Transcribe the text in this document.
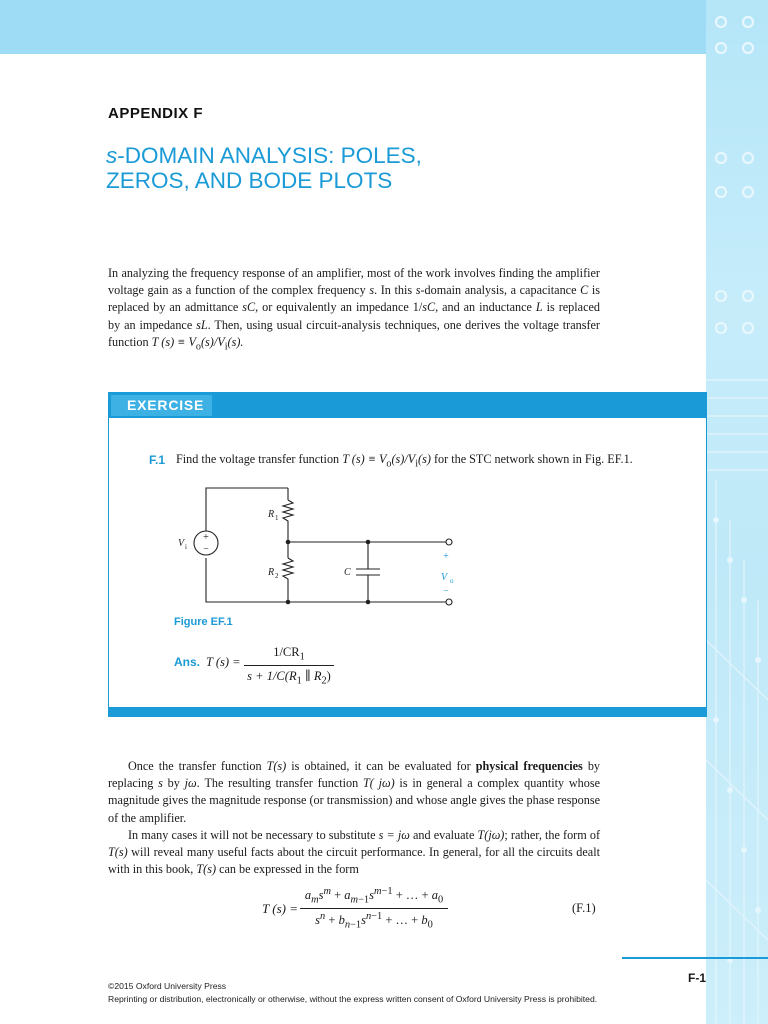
APPENDIX F
s-DOMAIN ANALYSIS: POLES,
ZEROS, AND BODE PLOTS

In analyzing the frequency response of an amplifier, most of the work involves finding the amplifier voltage gain as a function of the complex frequency s. In this s-domain analysis, a capacitance C is replaced by an admittance sC, or equivalently an impedance 1/sC, and an inductance L is replaced by an impedance sL. Then, using usual circuit-analysis techniques, one derives the voltage transfer function T $(s) \equiv V_o(s)/V_i(s)$.

EXERCISE
F.1 Find the voltage transfer function T $(s) \equiv V_o(s)/V_i(s)$ for the STC network shown in Fig. EF.1.
+
−
V i
R 1
R 2	C
+
V o
−
Figure EF.1
Ans. T $(s) = \frac{1/CR_1}{s + 1/C(R_1 \parallel R_2)}$

Once the transfer function T(s) is obtained, it can be evaluated for physical frequencies by replacing s by jω. The resulting transfer function T( jω) is in general a complex quantity whose magnitude gives the magnitude response (or transmission) and whose angle gives the phase response of the amplifier.

In many cases it will not be necessary to substitute s = jω and evaluate T(jω); rather, the form of T(s) will reveal many useful facts about the circuit performance. In general, for all the circuits dealt with in this book, T(s) can be expressed in the form

T (s) =
$a_ms^m + a_{m-1}s^{m-1}$ + … + $a_0$
$s^n + b_{n-1}s^{n-1}$ + … + $b_0$
(F.1)
F-1
©2015 Oxford University Press
Reprinting or distribution, electronically or otherwise, without the express written consent of Oxford University Press is prohibited.
